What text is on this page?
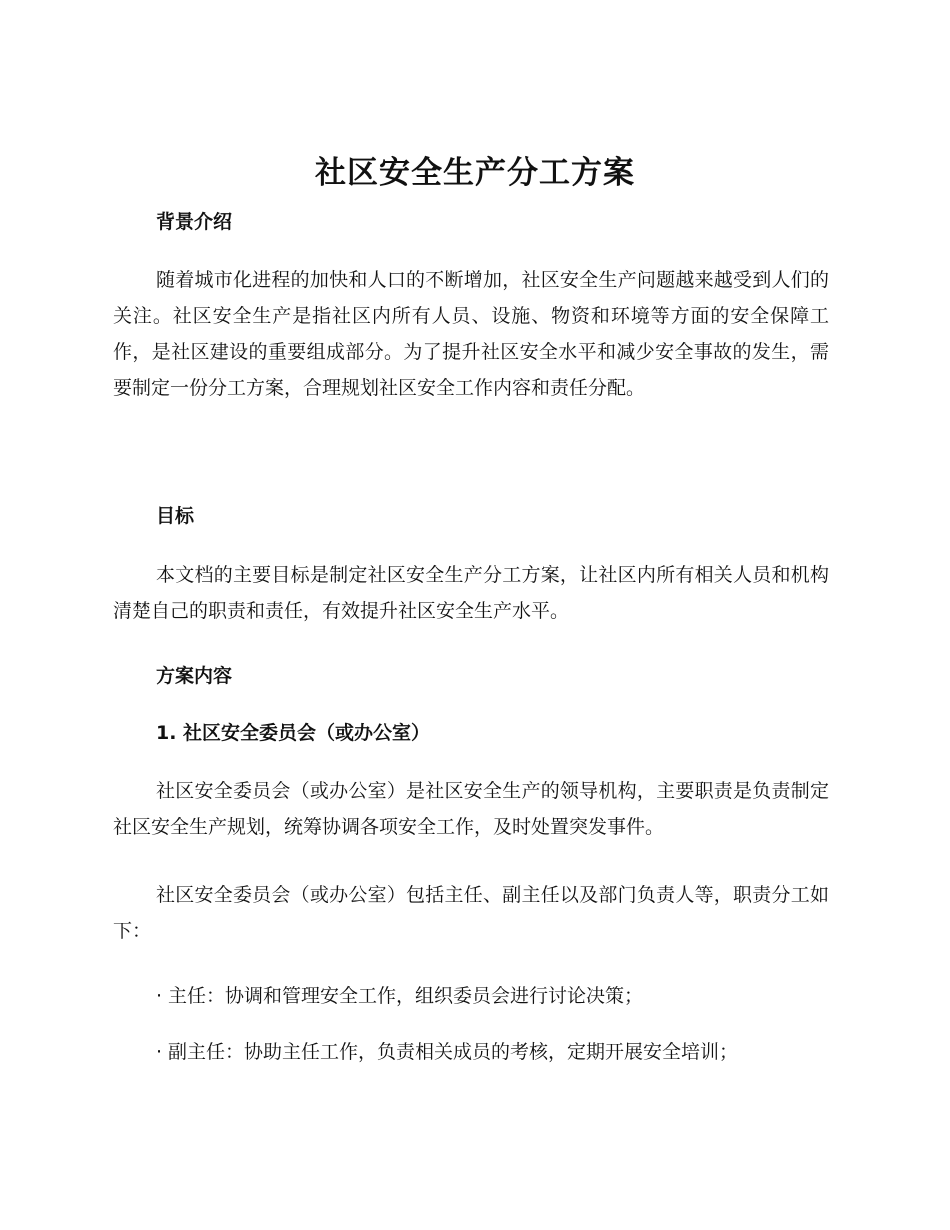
社区安全生产分工方案
背景介绍

随着城市化进程的加快和人口的不断增加，社区安全生产问题越来越受到人们的关注。社区安全生产是指社区内所有人员、设施、物资和环境等方面的安全保障工作，是社区建设的重要组成部分。为了提升社区安全水平和减少安全事故的发生，需要制定一份分工方案，合理规划社区安全工作内容和责任分配。

目标

本文档的主要目标是制定社区安全生产分工方案，让社区内所有相关人员和机构清楚自己的职责和责任，有效提升社区安全生产水平。

方案内容
1. 社区安全委员会（或办公室）

社区安全委员会（或办公室）是社区安全生产的领导机构，主要职责是负责制定社区安全生产规划，统筹协调各项安全工作，及时处置突发事件。

社区安全委员会（或办公室）包括主任、副主任以及部门负责人等，职责分工如下：

· 主任：协调和管理安全工作，组织委员会进行讨论决策；
· 副主任：协助主任工作，负责相关成员的考核，定期开展安全培训；
